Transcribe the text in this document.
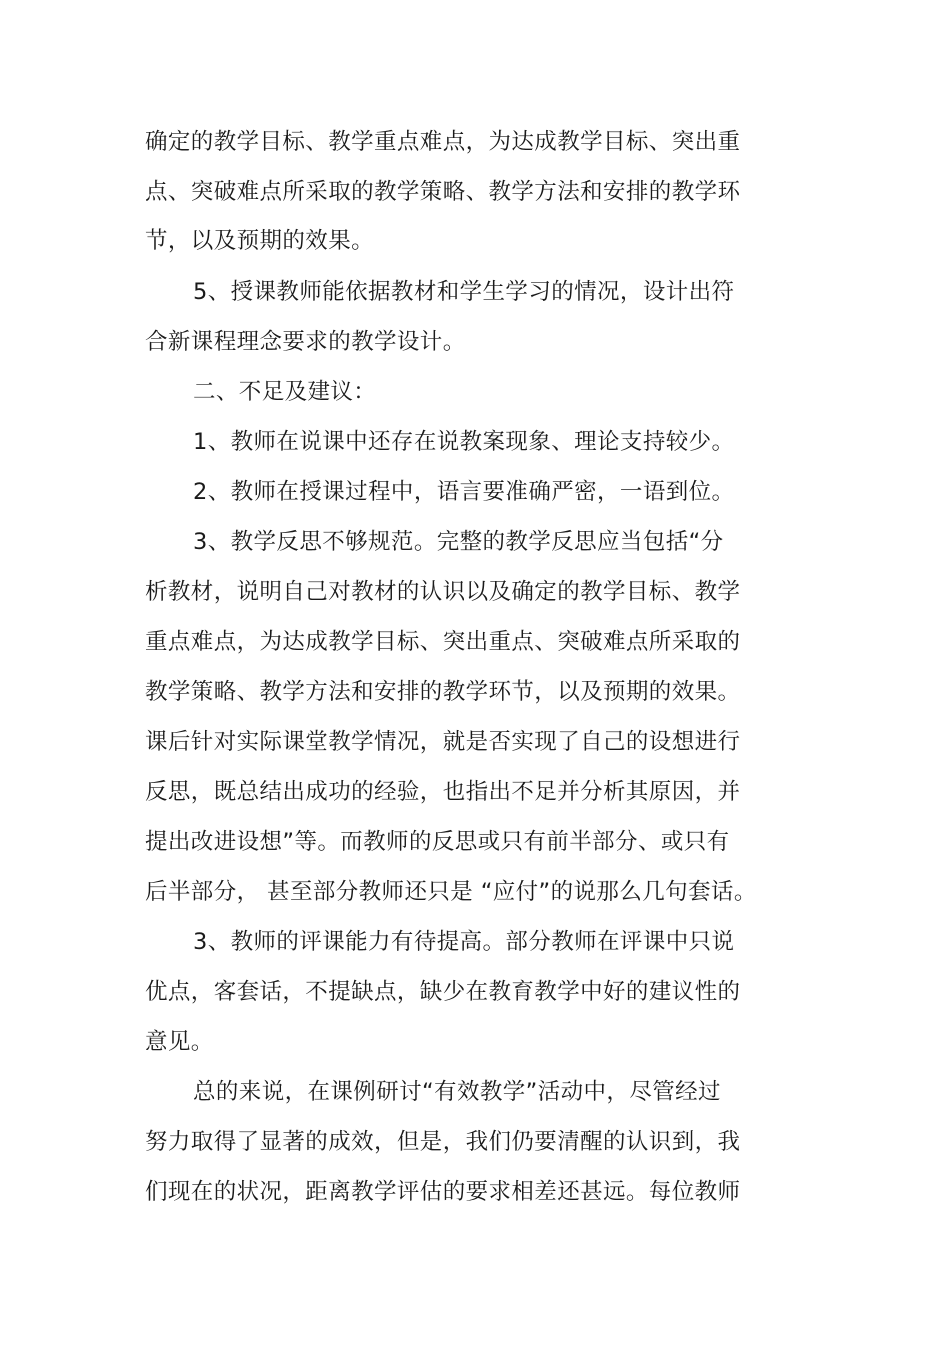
确定的教学目标、教学重点难点，为达成教学目标、突出重
点、突破难点所采取的教学策略、教学方法和安排的教学环
节，以及预期的效果。
5、授课教师能依据教材和学生学习的情况，设计出符
合新课程理念要求的教学设计。
二、不足及建议：
1、教师在说课中还存在说教案现象、理论支持较少。
2、教师在授课过程中，语言要准确严密，一语到位。
3、教学反思不够规范。完整的教学反思应当包括“分
析教材，说明自己对教材的认识以及确定的教学目标、教学
重点难点，为达成教学目标、突出重点、突破难点所采取的
教学策略、教学方法和安排的教学环节，以及预期的效果。
课后针对实际课堂教学情况，就是否实现了自己的设想进行
反思，既总结出成功的经验，也指出不足并分析其原因，并
提出改进设想”等。而教师的反思或只有前半部分、或只有
后半部分， 甚至部分教师还只是 “应付”的说那么几句套话。
3、教师的评课能力有待提高。部分教师在评课中只说
优点，客套话，不提缺点，缺少在教育教学中好的建议性的
意见。
总的来说，在课例研讨“有效教学”活动中，尽管经过
努力取得了显著的成效，但是，我们仍要清醒的认识到，我
们现在的状况，距离教学评估的要求相差还甚远。每位教师
